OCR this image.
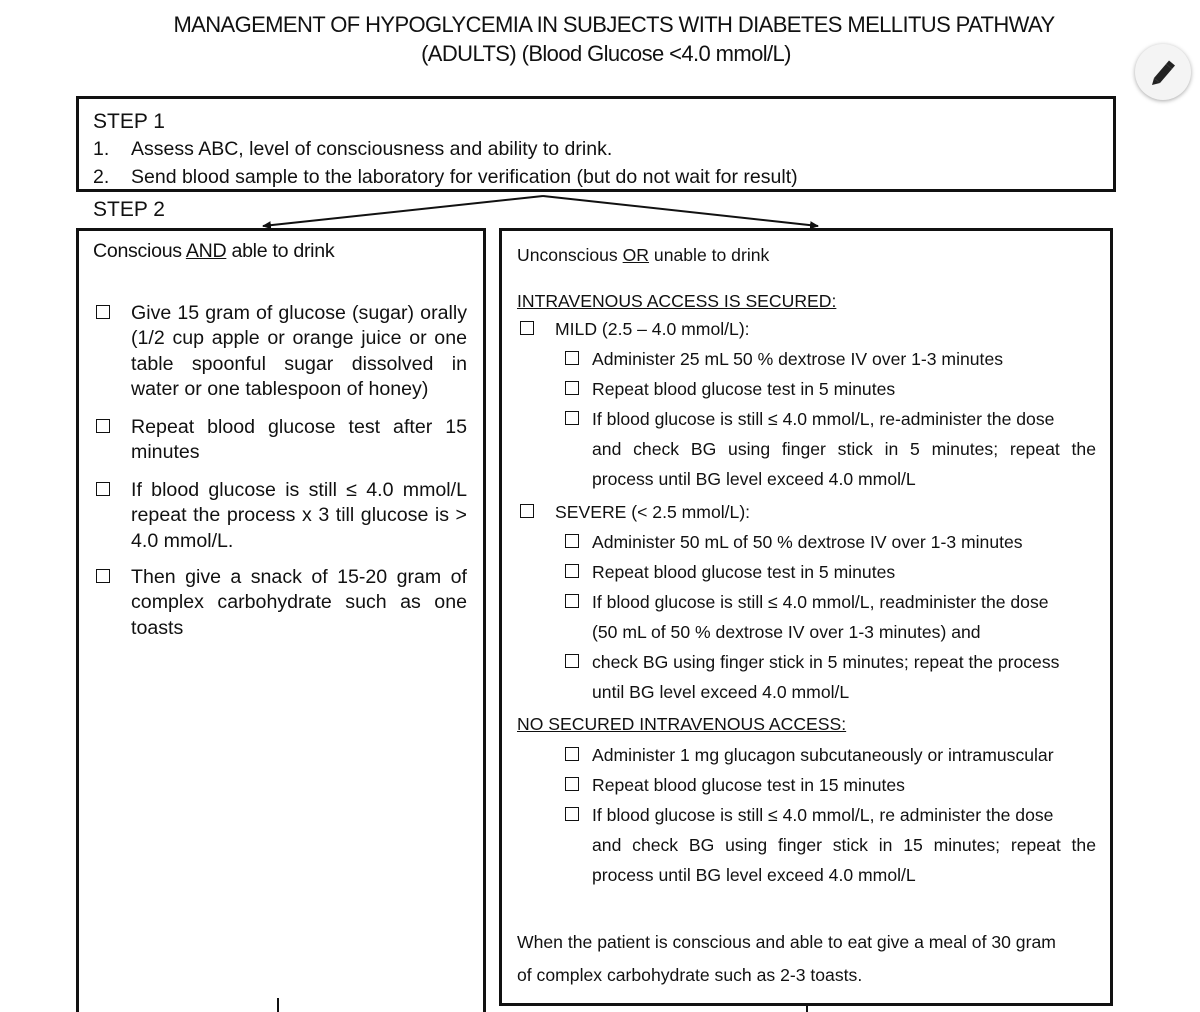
MANAGEMENT OF HYPOGLYCEMIA IN SUBJECTS WITH DIABETES MELLITUS PATHWAY
(ADULTS) (Blood Glucose <4.0 mmol/L)
STEP 1
1. Assess ABC, level of consciousness and ability to drink.
2. Send blood sample to the laboratory for verification (but do not wait for result)
STEP 2
Conscious AND able to drink
Give 15 gram of glucose (sugar) orally (1/2 cup apple or orange juice or one table spoonful sugar dissolved in water or one tablespoon of honey)
Repeat blood glucose test after 15 minutes
If blood glucose is still ≤ 4.0 mmol/L repeat the process x 3 till glucose is > 4.0 mmol/L.
Then give a snack of 15-20 gram of complex carbohydrate such as one toasts
Unconscious OR unable to drink
INTRAVENOUS ACCESS IS SECURED:
MILD (2.5 – 4.0 mmol/L):
Administer 25 mL 50 % dextrose IV over 1-3 minutes
Repeat blood glucose test in 5 minutes
If blood glucose is still ≤ 4.0 mmol/L, re-administer the dose
and check BG using finger stick in 5 minutes; repeat the
process until BG level exceed 4.0 mmol/L
SEVERE (< 2.5 mmol/L):
Administer 50 mL of 50 % dextrose IV over 1-3 minutes
Repeat blood glucose test in 5 minutes
If blood glucose is still ≤ 4.0 mmol/L, readminister the dose
(50 mL of 50 % dextrose IV over 1-3 minutes) and
check BG using finger stick in 5 minutes; repeat the process
until BG level exceed 4.0 mmol/L
NO SECURED INTRAVENOUS ACCESS:
Administer 1 mg glucagon subcutaneously or intramuscular
Repeat blood glucose test in 15 minutes
If blood glucose is still ≤ 4.0 mmol/L, re administer the dose
and check BG using finger stick in 15 minutes; repeat the
process until BG level exceed 4.0 mmol/L
When the patient is conscious and able to eat give a meal of 30 gram
of complex carbohydrate such as 2-3 toasts.
